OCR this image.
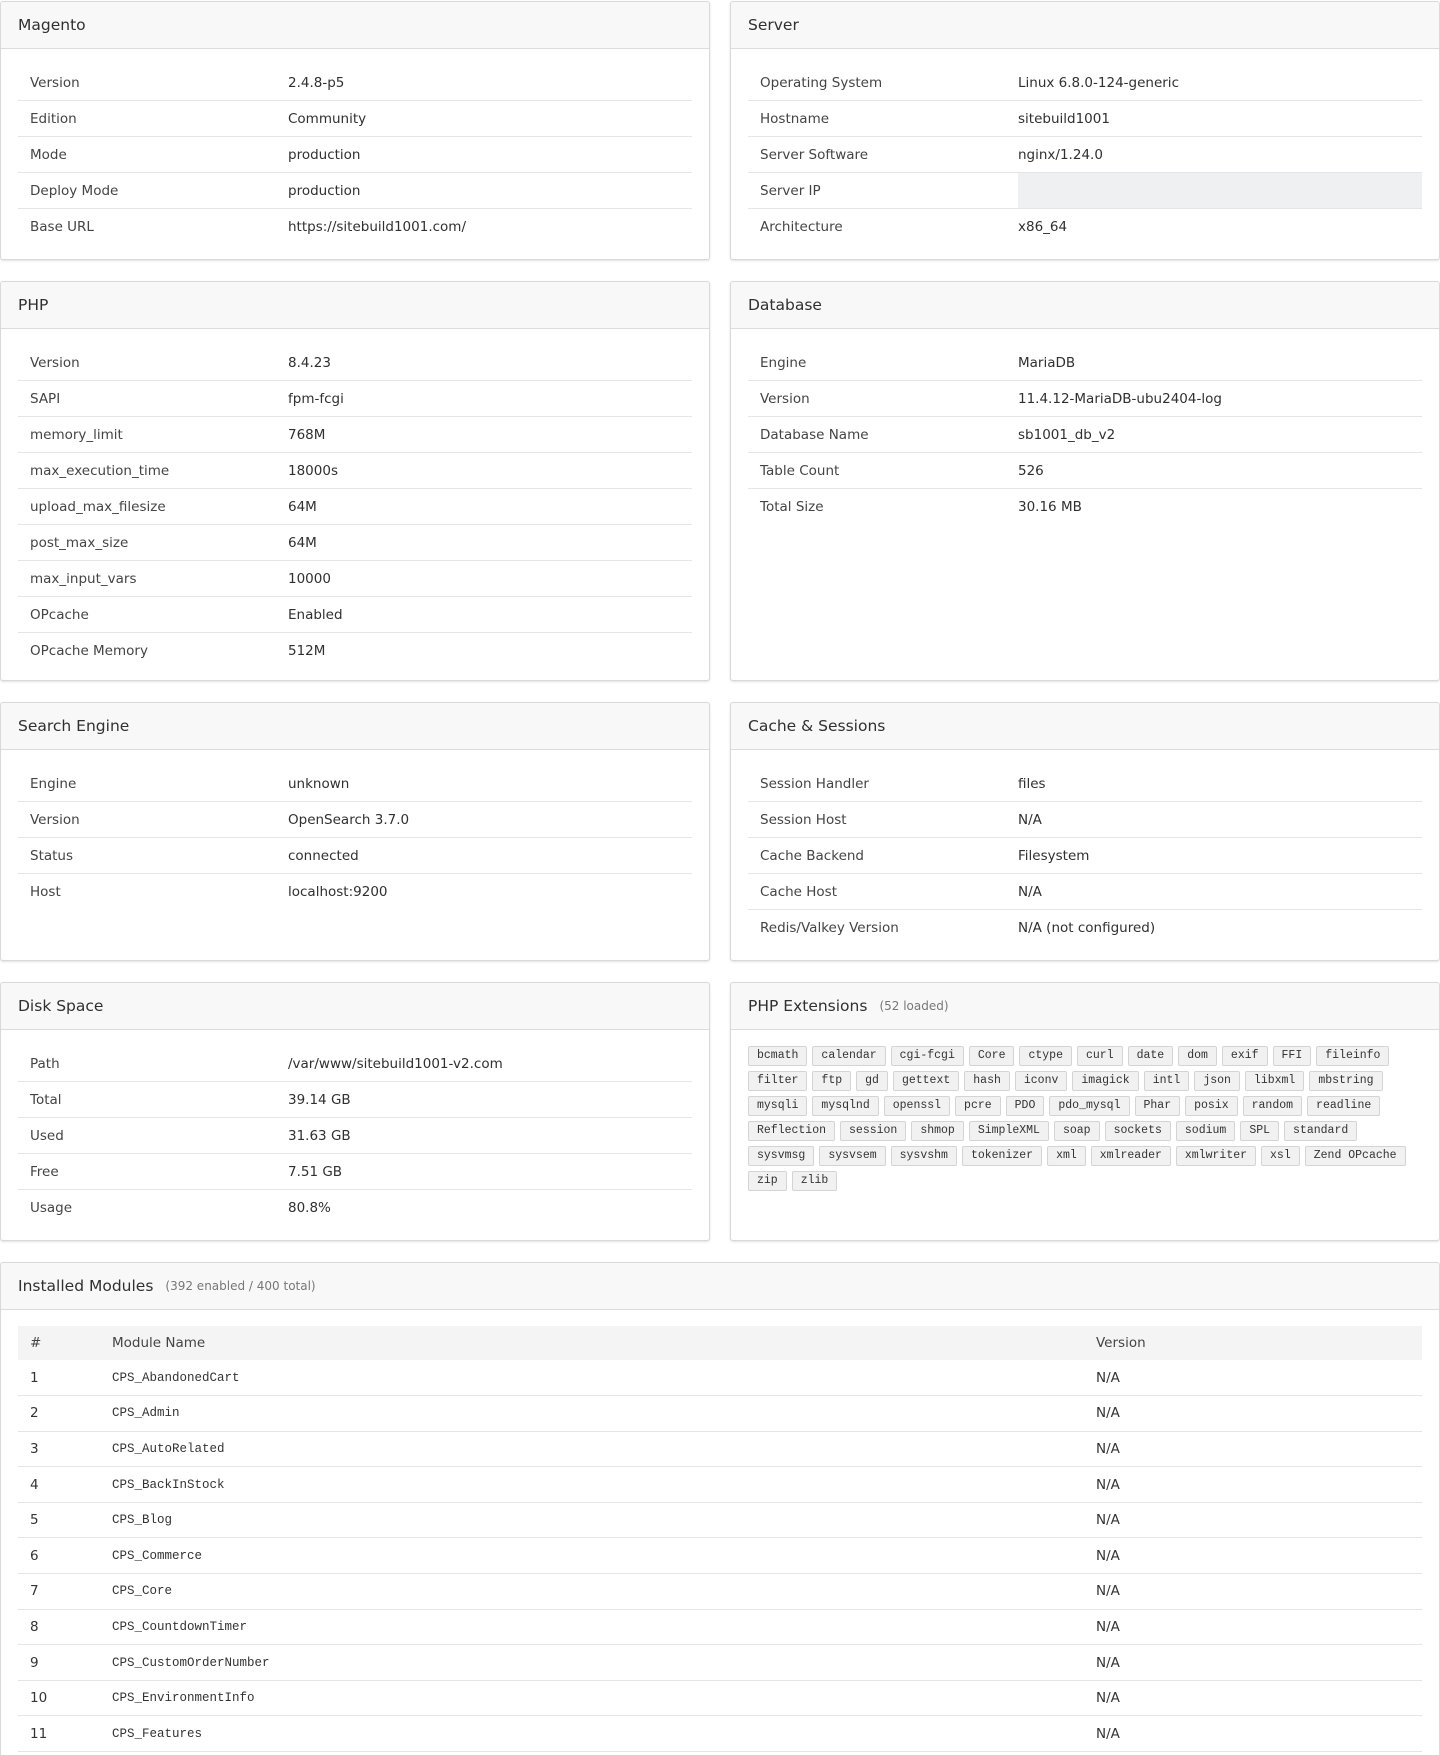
Magento
Version	2.4.8-p5
Edition	Community
Mode	production
Deploy Mode	production
Base URL	https://sitebuild1001.com/
Server
Operating System	Linux 6.8.0-124-generic
Hostname	sitebuild1001
Server Software	nginx/1.24.0
Server IP
Architecture	x86_64
PHP
Version	8.4.23
SAPI	fpm-fcgi
memory_limit	768M
max_execution_time	18000s
upload_max_filesize	64M
post_max_size	64M
max_input_vars	10000
OPcache	Enabled
OPcache Memory	512M
Database
Engine	MariaDB
Version	11.4.12-MariaDB-ubu2404-log
Database Name	sb1001_db_v2
Table Count	526
Total Size	30.16 MB
Search Engine
Engine	unknown
Version	OpenSearch 3.7.0
Status	connected
Host	localhost:9200
Cache & Sessions
Session Handler	files
Session Host	N/A
Cache Backend	Filesystem
Cache Host	N/A
Redis/Valkey Version	N/A (not configured)
Disk Space
Path	/var/www/sitebuild1001-v2.com
Total	39.14 GB
Used	31.63 GB
Free	7.51 GB
Usage	80.8%
PHP Extensions (52 loaded)
bcmath	calendar	cgi-fcgi	Core	ctype	curl	date	dom	exif	FFI	fileinfo
filter	ftp	gd	gettext	hash	iconv	imagick	intl	json	libxml	mbstring
mysqli	mysqlnd	openssl	pcre	PDO	pdo_mysql	Phar	posix	random	readline
Reflection	session	shmop	SimpleXML	soap	sockets	sodium	SPL	standard
sysvmsg	sysvsem	sysvshm	tokenizer	xml	xmlreader	xmlwriter	xsl	Zend OPcache
zip	zlib
Installed Modules (392 enabled / 400 total)
#	Module Name	Version
1	CPS_AbandonedCart	N/A
2	CPS_Admin	N/A
3	CPS_AutoRelated	N/A
4	CPS_BackInStock	N/A
5	CPS_Blog	N/A
6	CPS_Commerce	N/A
7	CPS_Core	N/A
8	CPS_CountdownTimer	N/A
9	CPS_CustomOrderNumber	N/A
10	CPS_EnvironmentInfo	N/A
11	CPS_Features	N/A
